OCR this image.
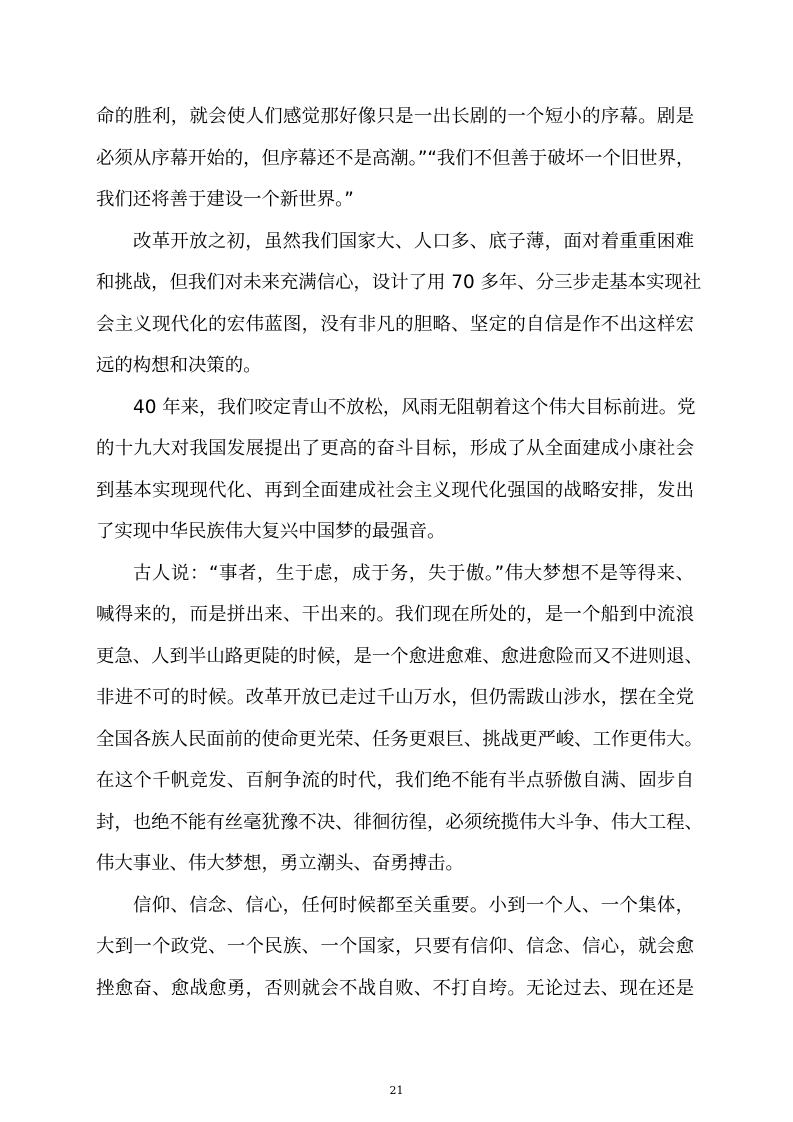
命的胜利，就会使人们感觉那好像只是一出长剧的一个短小的序幕。剧是
必须从序幕开始的，但序幕还不是高潮。”“我们不但善于破坏一个旧世界，
我们还将善于建设一个新世界。”
改革开放之初，虽然我们国家大、人口多、底子薄，面对着重重困难
和挑战，但我们对未来充满信心，设计了用 70 多年、分三步走基本实现社
会主义现代化的宏伟蓝图，没有非凡的胆略、坚定的自信是作不出这样宏
远的构想和决策的。
40 年来，我们咬定青山不放松，风雨无阻朝着这个伟大目标前进。党
的十九大对我国发展提出了更高的奋斗目标，形成了从全面建成小康社会
到基本实现现代化、再到全面建成社会主义现代化强国的战略安排，发出
了实现中华民族伟大复兴中国梦的最强音。
古人说：“事者，生于虑，成于务，失于傲。”伟大梦想不是等得来、
喊得来的，而是拼出来、干出来的。我们现在所处的，是一个船到中流浪
更急、人到半山路更陡的时候，是一个愈进愈难、愈进愈险而又不进则退、
非进不可的时候。改革开放已走过千山万水，但仍需跋山涉水，摆在全党
全国各族人民面前的使命更光荣、任务更艰巨、挑战更严峻、工作更伟大。
在这个千帆竞发、百舸争流的时代，我们绝不能有半点骄傲自满、固步自
封，也绝不能有丝毫犹豫不决、徘徊彷徨，必须统揽伟大斗争、伟大工程、
伟大事业、伟大梦想，勇立潮头、奋勇搏击。
信仰、信念、信心，任何时候都至关重要。小到一个人、一个集体，
大到一个政党、一个民族、一个国家，只要有信仰、信念、信心，就会愈
挫愈奋、愈战愈勇，否则就会不战自败、不打自垮。无论过去、现在还是
21
